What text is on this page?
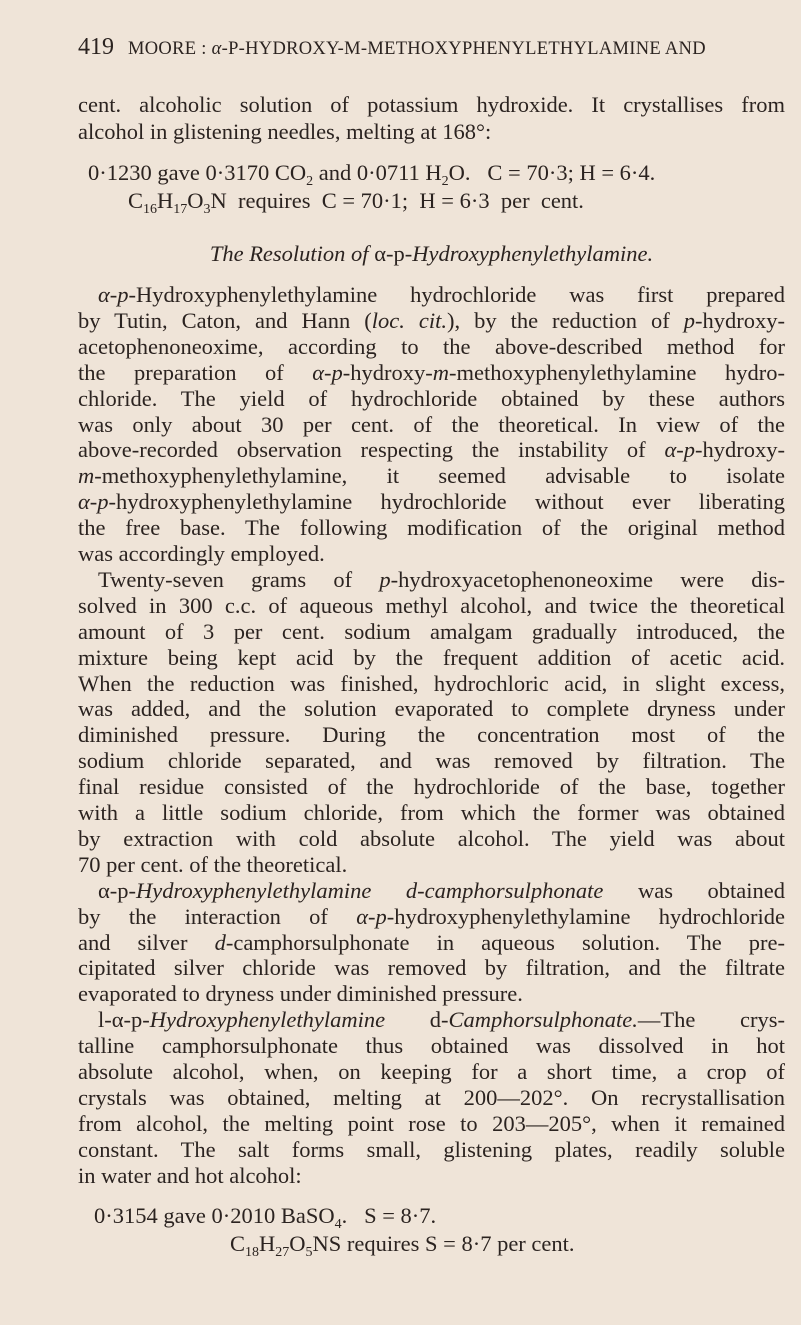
419 MOORE : α-P-HYDROXY-M-METHOXYPHENYLETHYLAMINE AND
cent. alcoholic solution of potassium hydroxide. It crystallises from
alcohol in glistening needles, melting at 168°:
0·1230 gave 0·3170 $CO_2$ and 0·0711 $H_2O$.   C = 70·3; H = 6·4.
$C_{16}H_{17}O_3N$  requires  C = 70·1;  H = 6·3  per  cent.
The Resolution of α-p-Hydroxyphenylethylamine.
α-p-Hydroxyphenylethylamine hydrochloride was first prepared
by Tutin, Caton, and Hann (loc. cit.), by the reduction of p-hydroxy-
acetophenoneoxime, according to the above-described method for
the preparation of α-p-hydroxy-m-methoxyphenylethylamine hydro-
chloride. The yield of hydrochloride obtained by these authors
was only about 30 per cent. of the theoretical. In view of the
above-recorded observation respecting the instability of α-p-hydroxy-
m-methoxyphenylethylamine, it seemed advisable to isolate
α-p-hydroxyphenylethylamine hydrochloride without ever liberating
the free base. The following modification of the original method
was accordingly employed.
Twenty-seven grams of p-hydroxyacetophenoneoxime were dis-
solved in 300 c.c. of aqueous methyl alcohol, and twice the theoretical
amount of 3 per cent. sodium amalgam gradually introduced, the
mixture being kept acid by the frequent addition of acetic acid.
When the reduction was finished, hydrochloric acid, in slight excess,
was added, and the solution evaporated to complete dryness under
diminished pressure. During the concentration most of the
sodium chloride separated, and was removed by filtration. The
final residue consisted of the hydrochloride of the base, together
with a little sodium chloride, from which the former was obtained
by extraction with cold absolute alcohol. The yield was about
70 per cent. of the theoretical.
α-p-Hydroxyphenylethylamine d-camphorsulphonate was obtained
by the interaction of α-p-hydroxyphenylethylamine hydrochloride
and silver d-camphorsulphonate in aqueous solution. The pre-
cipitated silver chloride was removed by filtration, and the filtrate
evaporated to dryness under diminished pressure.
l-α-p-Hydroxyphenylethylamine d-Camphorsulphonate.—The crys-
talline camphorsulphonate thus obtained was dissolved in hot
absolute alcohol, when, on keeping for a short time, a crop of
crystals was obtained, melting at 200—202°. On recrystallisation
from alcohol, the melting point rose to 203—205°, when it remained
constant. The salt forms small, glistening plates, readily soluble
in water and hot alcohol:
0·3154 gave 0·2010 BaSO$_4$.   S = 8·7.
$C_{18}H_{27}O_5NS$ requires S = 8·7 per cent.
